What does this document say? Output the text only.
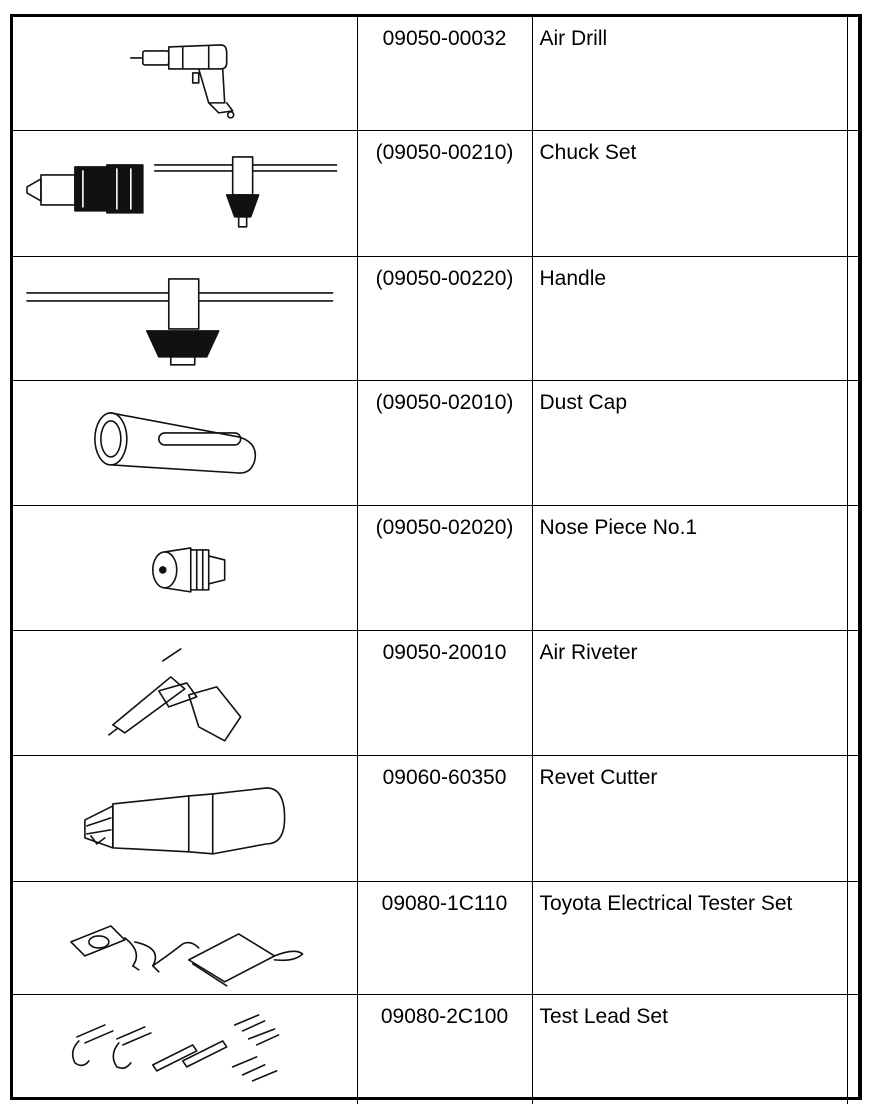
	09050-00032	Air Drill	

	(09050-00210)	Chuck Set	

	(09050-00220)	Handle	

	(09050-02010)	Dust Cap	

	(09050-02020)	Nose Piece No.1	

	09050-20010	Air Riveter	

	09060-60350	Revet Cutter	

	09080-1C110	Toyota Electrical Tester Set	

	09080-2C100	Test Lead Set	
